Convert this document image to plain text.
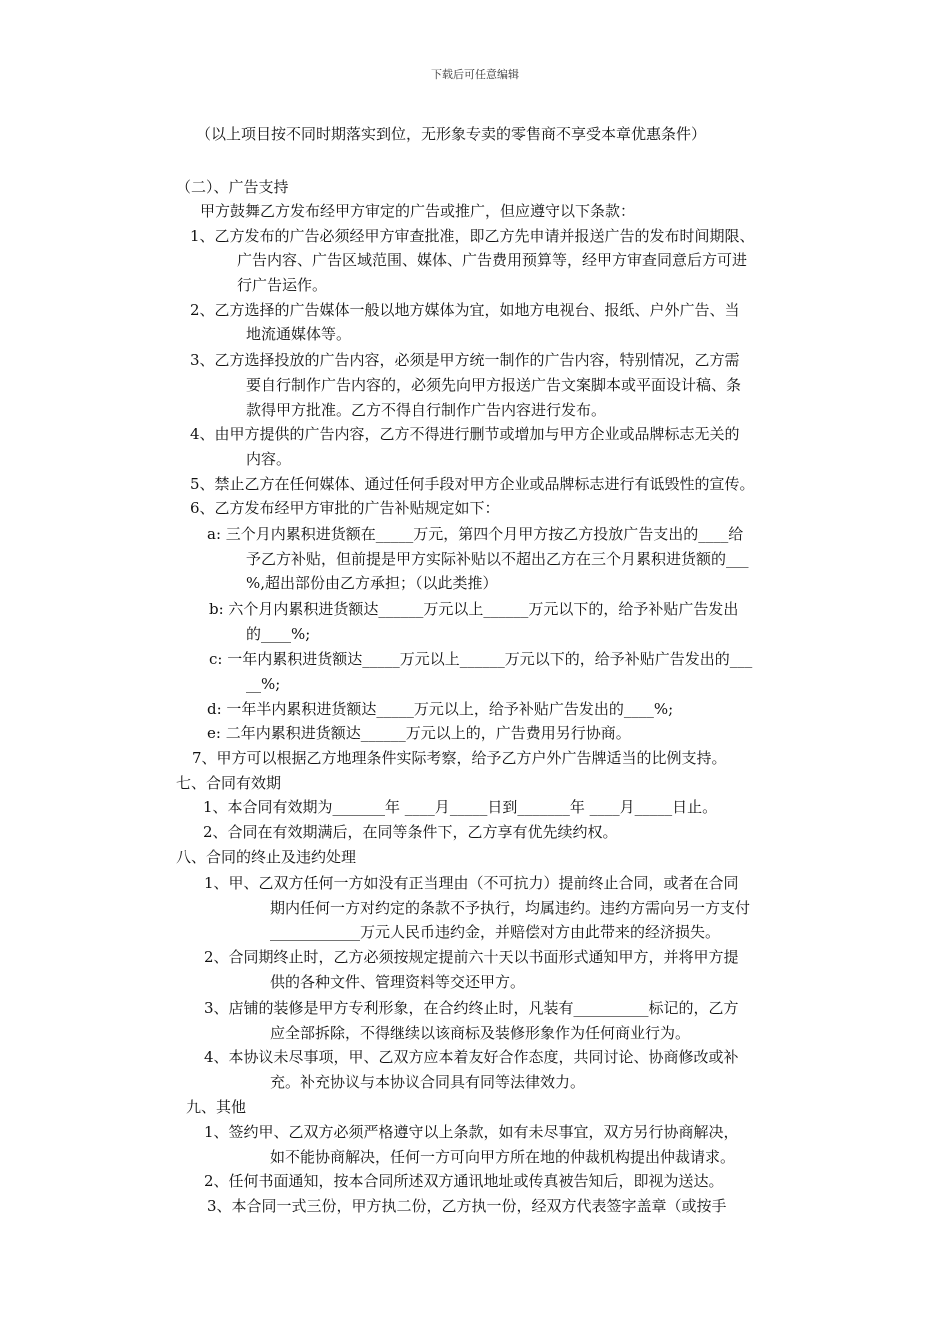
下载后可任意编辑
（以上项目按不同时期落实到位，无形象专卖的零售商不享受本章优惠条件）
（二）、广告支持
甲方鼓舞乙方发布经甲方审定的广告或推广，但应遵守以下条款：
1、乙方发布的广告必须经甲方审查批准，即乙方先申请并报送广告的发布时间期限、
广告内容、广告区域范围、媒体、广告费用预算等，经甲方审查同意后方可进
行广告运作。
2、乙方选择的广告媒体一般以地方媒体为宜，如地方电视台、报纸、户外广告、当
地流通媒体等。
3、乙方选择投放的广告内容，必须是甲方统一制作的广告内容，特别情况，乙方需
要自行制作广告内容的，必须先向甲方报送广告文案脚本或平面设计稿、条
款得甲方批准。乙方不得自行制作广告内容进行发布。
4、由甲方提供的广告内容，乙方不得进行删节或增加与甲方企业或品牌标志无关的
内容。
5、禁止乙方在任何媒体、通过任何手段对甲方企业或品牌标志进行有诋毁性的宣传。
6、乙方发布经甲方审批的广告补贴规定如下：
a: 三个月内累积进货额在_____万元，第四个月甲方按乙方投放广告支出的____给
予乙方补贴，但前提是甲方实际补贴以不超出乙方在三个月累积进货额的___
%,超出部份由乙方承担；（以此类推）
b: 六个月内累积进货额达______万元以上______万元以下的，给予补贴广告发出
的____%;
c: 一年内累积进货额达_____万元以上______万元以下的，给予补贴广告发出的___
__%;
d: 一年半内累积进货额达_____万元以上，给予补贴广告发出的____%;
e: 二年内累积进货额达______万元以上的，广告费用另行协商。
7、甲方可以根据乙方地理条件实际考察，给予乙方户外广告牌适当的比例支持。
七、合同有效期
1、本合同有效期为_______年 ____月_____日到_______年 ____月_____日止。
2、合同在有效期满后，在同等条件下，乙方享有优先续约权。
八、合同的终止及违约处理
1、甲、乙双方任何一方如没有正当理由（不可抗力）提前终止合同，或者在合同
期内任何一方对约定的条款不予执行，均属违约。违约方需向另一方支付
____________万元人民币违约金，并赔偿对方由此带来的经济损失。
2、合同期终止时，乙方必须按规定提前六十天以书面形式通知甲方，并将甲方提
供的各种文件、管理资料等交还甲方。
3、店铺的装修是甲方专利形象，在合约终止时，凡装有__________标记的，乙方
应全部拆除，不得继续以该商标及装修形象作为任何商业行为。
4、本协议未尽事项，甲、乙双方应本着友好合作态度，共同讨论、协商修改或补
充。补充协议与本协议合同具有同等法律效力。
九、其他
1、签约甲、乙双方必须严格遵守以上条款，如有未尽事宜，双方另行协商解决，
如不能协商解决，任何一方可向甲方所在地的仲裁机构提出仲裁请求。
2、任何书面通知，按本合同所述双方通讯地址或传真被告知后，即视为送达。
3、本合同一式三份，甲方执二份，乙方执一份，经双方代表签字盖章（或按手
